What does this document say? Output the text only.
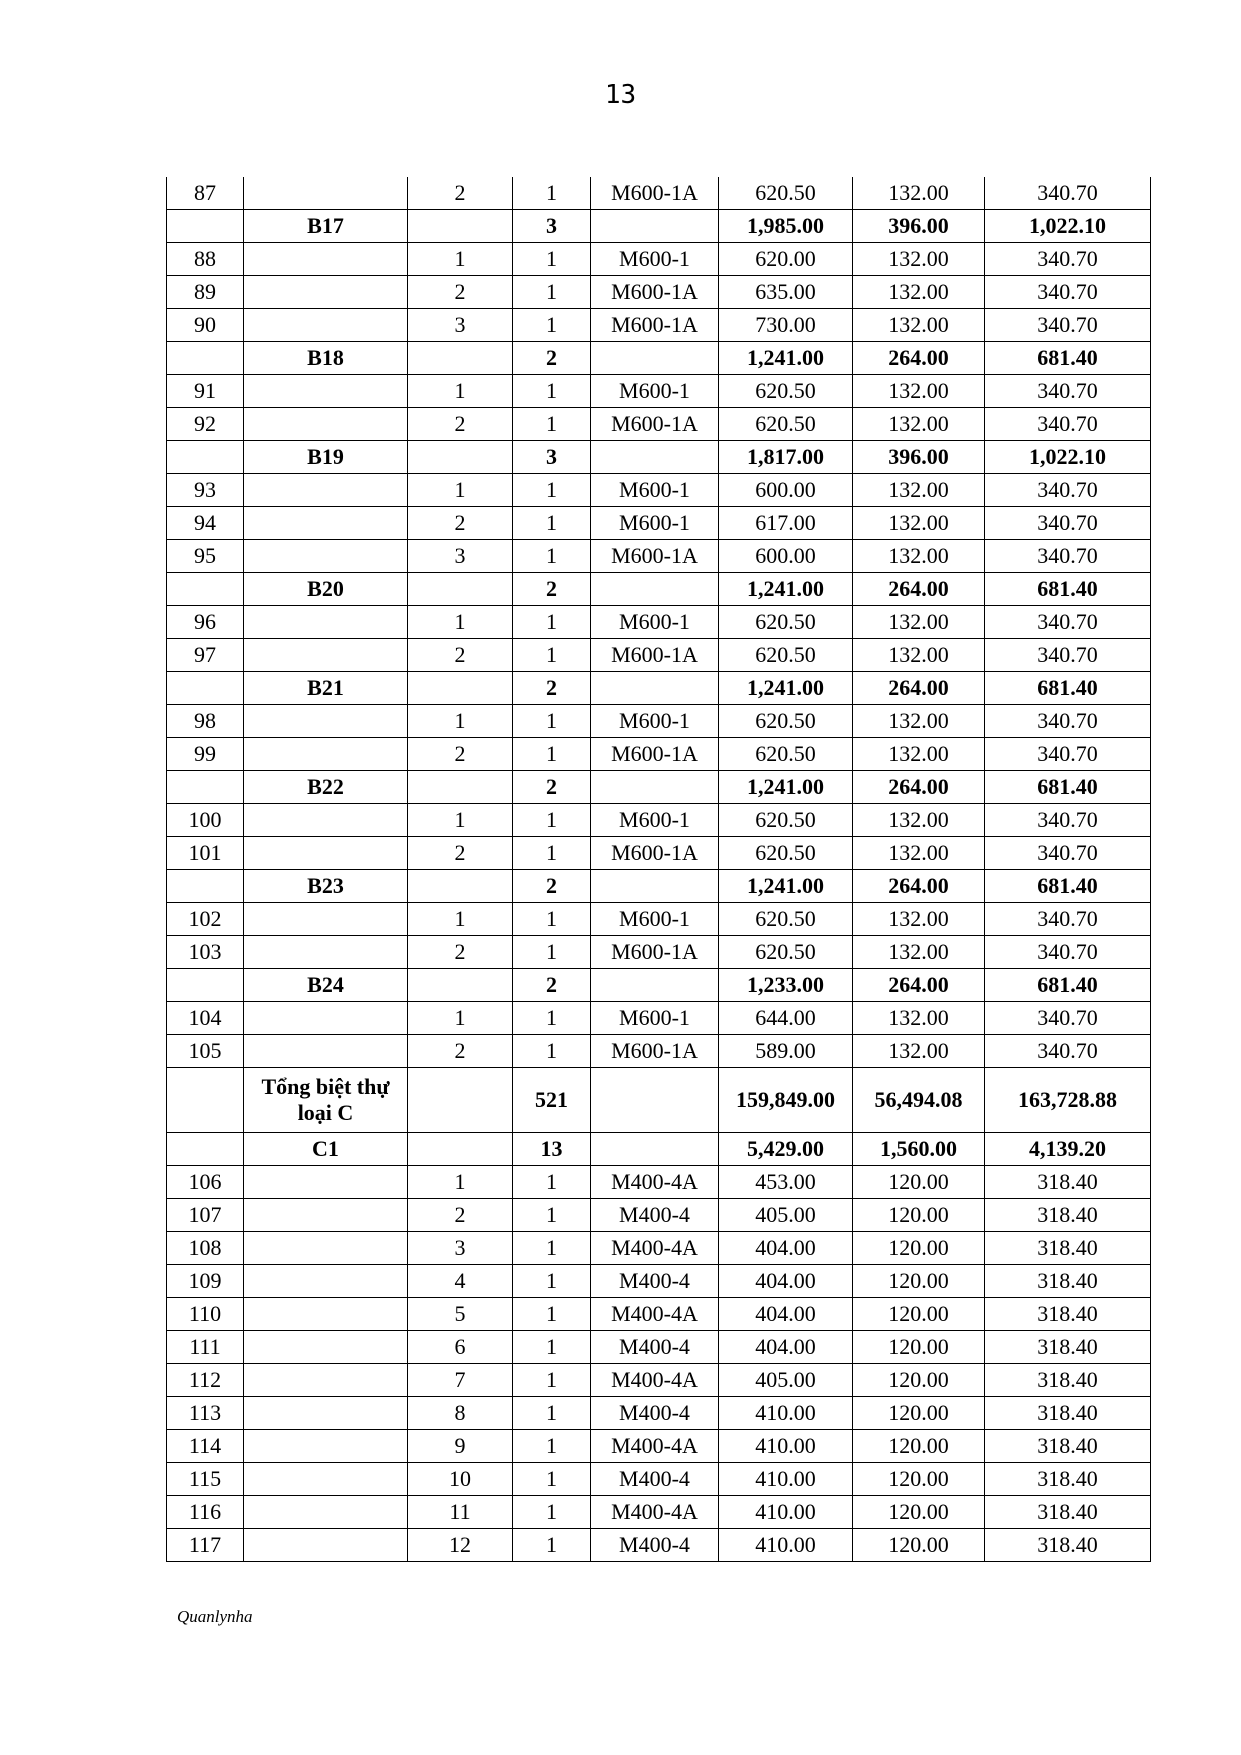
13
87		2	1	M600-1A	620.50	132.00	340.70
	B17		3		1,985.00	396.00	1,022.10
88		1	1	M600-1	620.00	132.00	340.70
89		2	1	M600-1A	635.00	132.00	340.70
90		3	1	M600-1A	730.00	132.00	340.70
	B18		2		1,241.00	264.00	681.40
91		1	1	M600-1	620.50	132.00	340.70
92		2	1	M600-1A	620.50	132.00	340.70
	B19		3		1,817.00	396.00	1,022.10
93		1	1	M600-1	600.00	132.00	340.70
94		2	1	M600-1	617.00	132.00	340.70
95		3	1	M600-1A	600.00	132.00	340.70
	B20		2		1,241.00	264.00	681.40
96		1	1	M600-1	620.50	132.00	340.70
97		2	1	M600-1A	620.50	132.00	340.70
	B21		2		1,241.00	264.00	681.40
98		1	1	M600-1	620.50	132.00	340.70
99		2	1	M600-1A	620.50	132.00	340.70
	B22		2		1,241.00	264.00	681.40
100		1	1	M600-1	620.50	132.00	340.70
101		2	1	M600-1A	620.50	132.00	340.70
	B23		2		1,241.00	264.00	681.40
102		1	1	M600-1	620.50	132.00	340.70
103		2	1	M600-1A	620.50	132.00	340.70
	B24		2		1,233.00	264.00	681.40
104		1	1	M600-1	644.00	132.00	340.70
105		2	1	M600-1A	589.00	132.00	340.70
	Tổng biệt thự loại C		521		159,849.00	56,494.08	163,728.88
	C1		13		5,429.00	1,560.00	4,139.20
106		1	1	M400-4A	453.00	120.00	318.40
107		2	1	M400-4	405.00	120.00	318.40
108		3	1	M400-4A	404.00	120.00	318.40
109		4	1	M400-4	404.00	120.00	318.40
110		5	1	M400-4A	404.00	120.00	318.40
111		6	1	M400-4	404.00	120.00	318.40
112		7	1	M400-4A	405.00	120.00	318.40
113		8	1	M400-4	410.00	120.00	318.40
114		9	1	M400-4A	410.00	120.00	318.40
115		10	1	M400-4	410.00	120.00	318.40
116		11	1	M400-4A	410.00	120.00	318.40
117		12	1	M400-4	410.00	120.00	318.40
Quanlynha
